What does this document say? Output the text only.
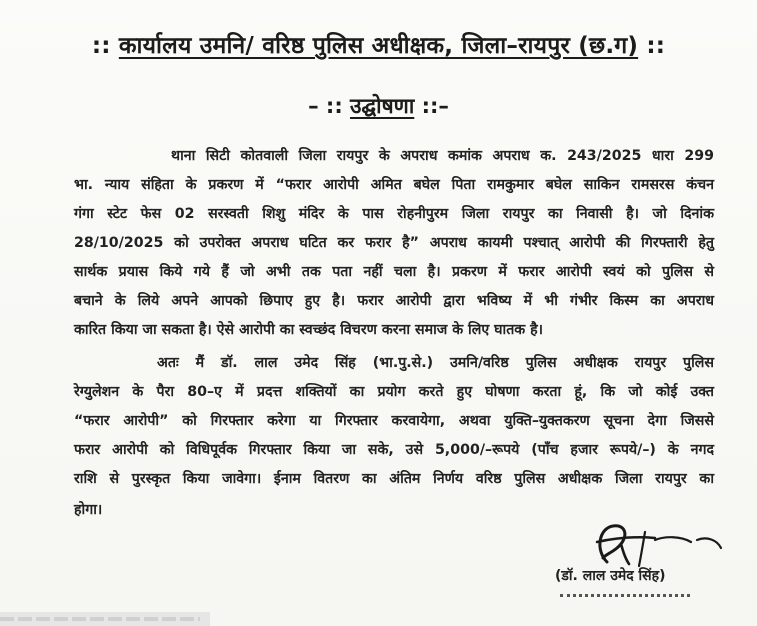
:: कार्यालय उमनि/ वरिष्ठ पुलिस अधीक्षक, जिला–रायपुर (छ.ग) ::
– :: उद्घोषणा ::–
थाना सिटी कोतवाली जिला रायपुर के अपराध कमांक अपराध क. 243/2025 धारा 299
भा. न्याय संहिता के प्रकरण में “फरार आरोपी अमित बघेल पिता रामकुमार बघेल साकिन रामसरस कंचन
गंगा स्टेट फेस 02 सरस्वती शिशु मंदिर के पास रोहनीपुरम जिला रायपुर का निवासी है। जो दिनांक
28/10/2025 को उपरोक्त अपराध घटित कर फरार है” अपराध कायमी पश्चात् आरोपी की गिरफ्तारी हेतु
सार्थक प्रयास किये गये हैं जो अभी तक पता नहीं चला है। प्रकरण में फरार आरोपी स्वयं को पुलिस से
बचाने के लिये अपने आपको छिपाए हुए है। फरार आरोपी द्वारा भविष्य में भी गंभीर किस्म का अपराध
कारित किया जा सकता है। ऐसे आरोपी का स्वच्छंद विचरण करना समाज के लिए घातक है।
अतः मैं डॉ. लाल उमेद सिंह (भा.पु.से.) उमनि/वरिष्ठ पुलिस अधीक्षक रायपुर पुलिस
रेग्युलेशन के पैरा 80–ए में प्रदत्त शक्तियों का प्रयोग करते हुए घोषणा करता हूं, कि जो कोई उक्त
“फरार आरोपी” को गिरफ्तार करेगा या गिरफ्तार करवायेगा, अथवा युक्ति–युक्तकरण सूचना देगा जिससे
फरार आरोपी को विधिपूर्वक गिरफ्तार किया जा सके, उसे 5,000/–रूपये (पाँच हजार रूपये/–) के नगद
राशि से पुरस्कृत किया जावेगा। ईनाम वितरण का अंतिम निर्णय वरिष्ठ पुलिस अधीक्षक जिला रायपुर का
होगा।
(डॉ. लाल उमेद सिंह)
